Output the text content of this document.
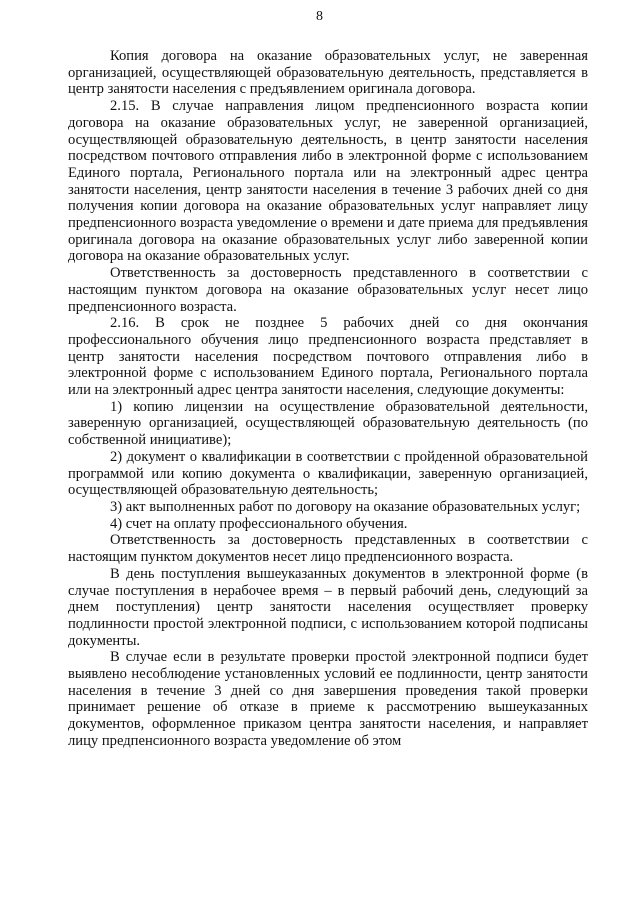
8

Копия договора на оказание образовательных услуг, не заверенная организацией, осуществляющей образовательную деятельность, представляется в центр занятости населения с предъявлением оригинала договора.

2.15. В случае направления лицом предпенсионного возраста копии договора на оказание образовательных услуг, не заверенной организацией, осуществляющей образовательную деятельность, в центр занятости населения посредством почтового отправления либо в электронной форме с использованием Единого портала, Регионального портала или на электронный адрес центра занятости населения, центр занятости населения в течение 3 рабочих дней со дня получения копии договора на оказание образовательных услуг направляет лицу предпенсионного возраста уведомление о времени и дате приема для предъявления оригинала договора на оказание образовательных услуг либо заверенной копии договора на оказание образовательных услуг.

Ответственность за достоверность представленного в соответствии с настоящим пунктом договора на оказание образовательных услуг несет лицо предпенсионного возраста.

2.16. В срок не позднее 5 рабочих дней со дня окончания профессионального обучения лицо предпенсионного возраста представляет в центр занятости населения посредством почтового отправления либо в электронной форме с использованием Единого портала, Регионального портала или на электронный адрес центра занятости населения, следующие документы:

1) копию лицензии на осуществление образовательной деятельности, заверенную организацией, осуществляющей образовательную деятельность (по собственной инициативе);

2) документ о квалификации в соответствии с пройденной образовательной программой или копию документа о квалификации, заверенную организацией, осуществляющей образовательную деятельность;

3) акт выполненных работ по договору на оказание образовательных услуг;

4) счет на оплату профессионального обучения.

Ответственность за достоверность представленных в соответствии с настоящим пунктом документов несет лицо предпенсионного возраста.

В день поступления вышеуказанных документов в электронной форме (в случае поступления в нерабочее время – в первый рабочий день, следующий за днем поступления) центр занятости населения осуществляет проверку подлинности простой электронной подписи, с использованием которой подписаны документы.

В случае если в результате проверки простой электронной подписи будет выявлено несоблюдение установленных условий ее подлинности, центр занятости населения в течение 3 дней со дня завершения проведения такой проверки принимает решение об отказе в приеме к рассмотрению вышеуказанных документов, оформленное приказом центра занятости населения, и направляет лицу предпенсионного возраста уведомление об этом
